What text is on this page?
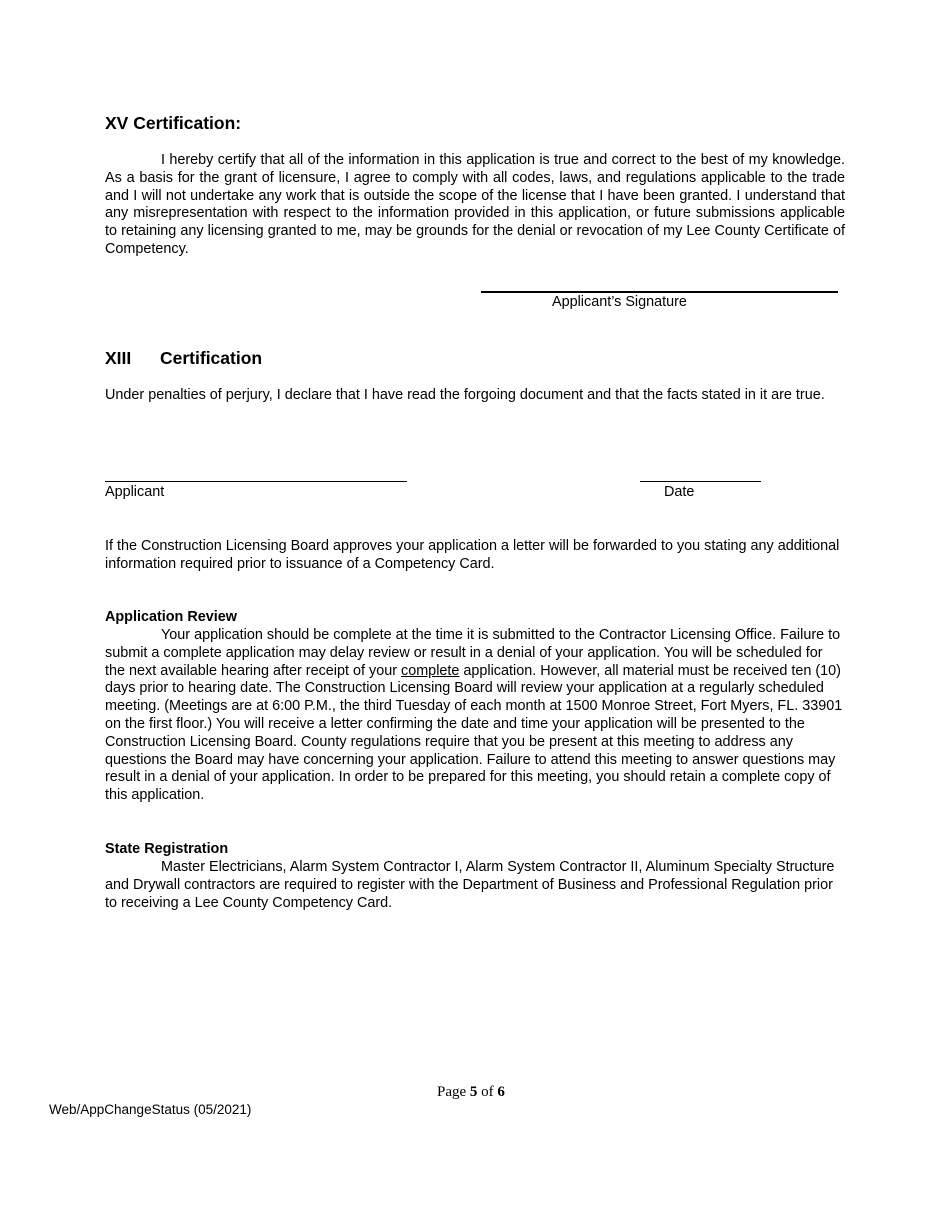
XV Certification:
I hereby certify that all of the information in this application is true and correct to the best of my knowledge. As a basis for the grant of licensure, I agree to comply with all codes, laws, and regulations applicable to the trade and I will not undertake any work that is outside the scope of the license that I have been granted. I understand that any misrepresentation with respect to the information provided in this application, or future submissions applicable to retaining any licensing granted to me, may be grounds for the denial or revocation of my Lee County Certificate of Competency.
Applicant’s Signature
XIII Certification
Under penalties of perjury, I declare that I have read the forgoing document and that the facts stated in it are true.
Applicant	Date
If the Construction Licensing Board approves your application a letter will be forwarded to you stating any additional information required prior to issuance of a Competency Card.
Application Review
Your application should be complete at the time it is submitted to the Contractor Licensing Office. Failure to submit a complete application may delay review or result in a denial of your application. You will be scheduled for the next available hearing after receipt of your complete application. However, all material must be received ten (10) days prior to hearing date. The Construction Licensing Board will review your application at a regularly scheduled meeting. (Meetings are at 6:00 P.M., the third Tuesday of each month at 1500 Monroe Street, Fort Myers, FL. 33901 on the first floor.) You will receive a letter confirming the date and time your application will be presented to the Construction Licensing Board. County regulations require that you be present at this meeting to address any questions the Board may have concerning your application. Failure to attend this meeting to answer questions may result in a denial of your application. In order to be prepared for this meeting, you should retain a complete copy of this application.
State Registration
Master Electricians, Alarm System Contractor I, Alarm System Contractor II, Aluminum Specialty Structure and Drywall contractors are required to register with the Department of Business and Professional Regulation prior to receiving a Lee County Competency Card.
Page 5 of 6
Web/AppChangeStatus (05/2021)
